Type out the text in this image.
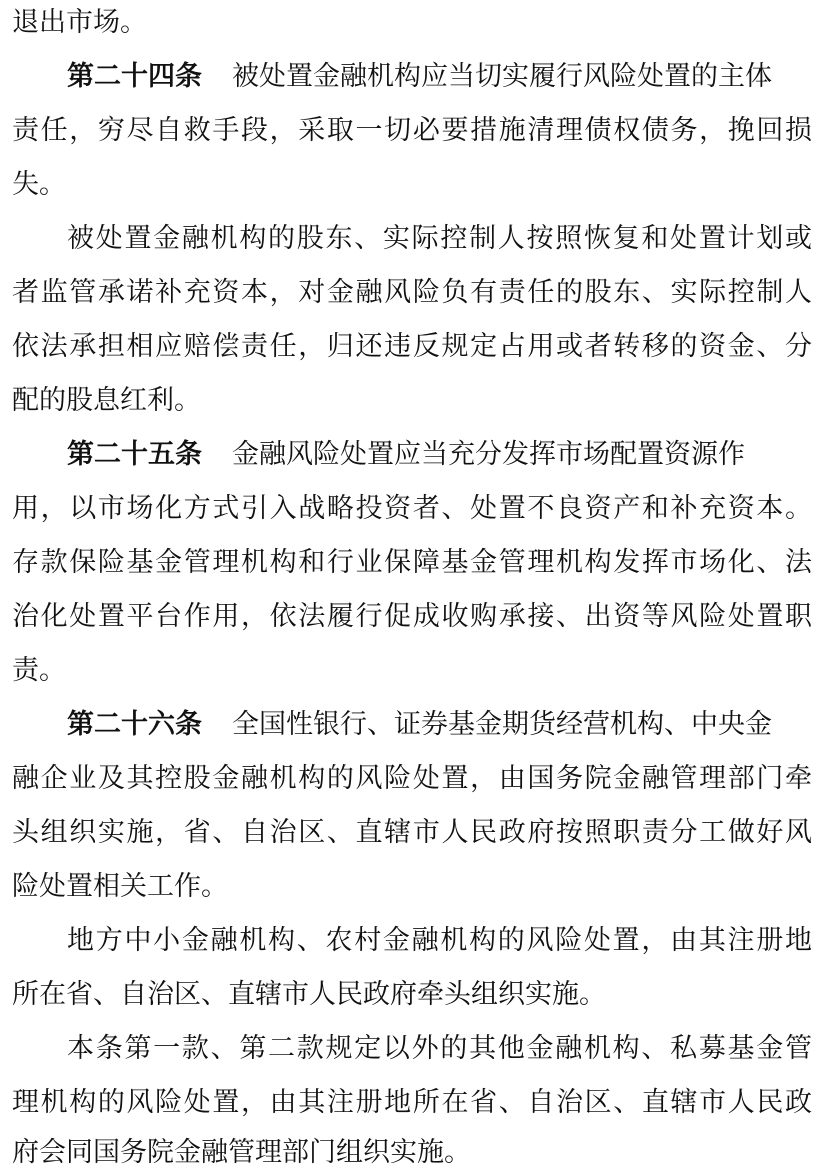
退出市场。
第二十四条 被处置金融机构应当切实履行风险处置的主体
责任，穷尽自救手段，采取一切必要措施清理债权债务，挽回损
失。
被处置金融机构的股东、实际控制人按照恢复和处置计划或
者监管承诺补充资本，对金融风险负有责任的股东、实际控制人
依法承担相应赔偿责任，归还违反规定占用或者转移的资金、分
配的股息红利。
第二十五条 金融风险处置应当充分发挥市场配置资源作
用，以市场化方式引入战略投资者、处置不良资产和补充资本。
存款保险基金管理机构和行业保障基金管理机构发挥市场化、法
治化处置平台作用，依法履行促成收购承接、出资等风险处置职
责。
第二十六条 全国性银行、证券基金期货经营机构、中央金
融企业及其控股金融机构的风险处置，由国务院金融管理部门牵
头组织实施，省、自治区、直辖市人民政府按照职责分工做好风
险处置相关工作。
地方中小金融机构、农村金融机构的风险处置，由其注册地
所在省、自治区、直辖市人民政府牵头组织实施。
本条第一款、第二款规定以外的其他金融机构、私募基金管
理机构的风险处置，由其注册地所在省、自治区、直辖市人民政
府会同国务院金融管理部门组织实施。
